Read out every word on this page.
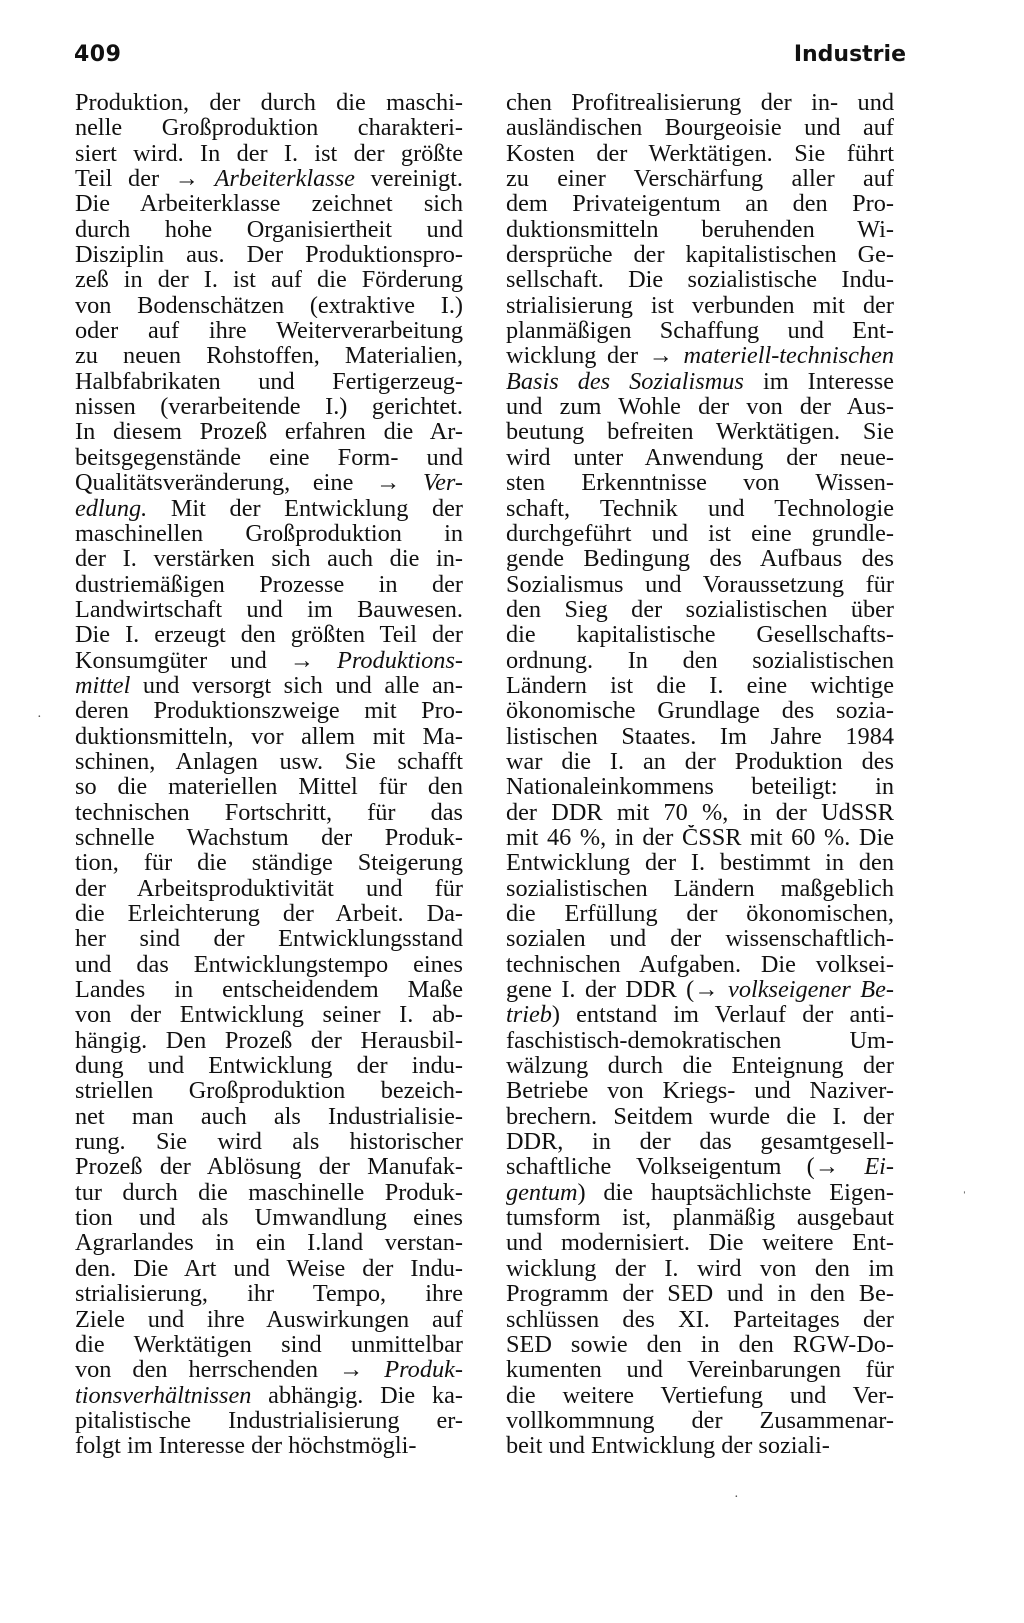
409	Industrie
Produktion, der durch die maschi-
nelle Großproduktion charakteri-
siert wird. In der I. ist der größte
Teil der → Arbeiterklasse vereinigt.
Die Arbeiterklasse zeichnet sich
durch hohe Organisiertheit und
Disziplin aus. Der Produktionspro-
zeß in der I. ist auf die Förderung
von Bodenschätzen (extraktive I.)
oder auf ihre Weiterverarbeitung
zu neuen Rohstoffen, Materialien,
Halbfabrikaten und Fertigerzeug-
nissen (verarbeitende I.) gerichtet.
In diesem Prozeß erfahren die Ar-
beitsgegenstände eine Form- und
Qualitätsveränderung, eine → Ver-
edlung. Mit der Entwicklung der
maschinellen Großproduktion in
der I. verstärken sich auch die in-
dustriemäßigen Prozesse in der
Landwirtschaft und im Bauwesen.
Die I. erzeugt den größten Teil der
Konsumgüter und → Produktions-
mittel und versorgt sich und alle an-
deren Produktionszweige mit Pro-
duktionsmitteln, vor allem mit Ma-
schinen, Anlagen usw. Sie schafft
so die materiellen Mittel für den
technischen Fortschritt, für das
schnelle Wachstum der Produk-
tion, für die ständige Steigerung
der Arbeitsproduktivität und für
die Erleichterung der Arbeit. Da-
her sind der Entwicklungsstand
und das Entwicklungstempo eines
Landes in entscheidendem Maße
von der Entwicklung seiner I. ab-
hängig. Den Prozeß der Herausbil-
dung und Entwicklung der indu-
striellen Großproduktion bezeich-
net man auch als Industrialisie-
rung. Sie wird als historischer
Prozeß der Ablösung der Manufak-
tur durch die maschinelle Produk-
tion und als Umwandlung eines
Agrarlandes in ein I.land verstan-
den. Die Art und Weise der Indu-
strialisierung, ihr Tempo, ihre
Ziele und ihre Auswirkungen auf
die Werktätigen sind unmittelbar
von den herrschenden → Produk-
tionsverhältnissen abhängig. Die ka-
pitalistische Industrialisierung er-
folgt im Interesse der höchstmögli-
chen Profitrealisierung der in- und
ausländischen Bourgeoisie und auf
Kosten der Werktätigen. Sie führt
zu einer Verschärfung aller auf
dem Privateigentum an den Pro-
duktionsmitteln beruhenden Wi-
dersprüche der kapitalistischen Ge-
sellschaft. Die sozialistische Indu-
strialisierung ist verbunden mit der
planmäßigen Schaffung und Ent-
wicklung der → materiell-technischen
Basis des Sozialismus im Interesse
und zum Wohle der von der Aus-
beutung befreiten Werktätigen. Sie
wird unter Anwendung der neue-
sten Erkenntnisse von Wissen-
schaft, Technik und Technologie
durchgeführt und ist eine grundle-
gende Bedingung des Aufbaus des
Sozialismus und Voraussetzung für
den Sieg der sozialistischen über
die kapitalistische Gesellschafts-
ordnung. In den sozialistischen
Ländern ist die I. eine wichtige
ökonomische Grundlage des sozia-
listischen Staates. Im Jahre 1984
war die I. an der Produktion des
Nationaleinkommens beteiligt: in
der DDR mit 70 %, in der UdSSR
mit 46 %, in der ČSSR mit 60 %. Die
Entwicklung der I. bestimmt in den
sozialistischen Ländern maßgeblich
die Erfüllung der ökonomischen,
sozialen und der wissenschaftlich-
technischen Aufgaben. Die volksei-
gene I. der DDR (→ volkseigener Be-
trieb) entstand im Verlauf der anti-
faschistisch-demokratischen Um-
wälzung durch die Enteignung der
Betriebe von Kriegs- und Naziver-
brechern. Seitdem wurde die I. der
DDR, in der das gesamtgesell-
schaftliche Volkseigentum (→ Ei-
gentum) die hauptsächlichste Eigen-
tumsform ist, planmäßig ausgebaut
und modernisiert. Die weitere Ent-
wicklung der I. wird von den im
Programm der SED und in den Be-
schlüssen des XI. Parteitages der
SED sowie den in den RGW-Do-
kumenten und Vereinbarungen für
die weitere Vertiefung und Ver-
vollkommnung der Zusammenar-
beit und Entwicklung der soziali-
·
ˈ
·
